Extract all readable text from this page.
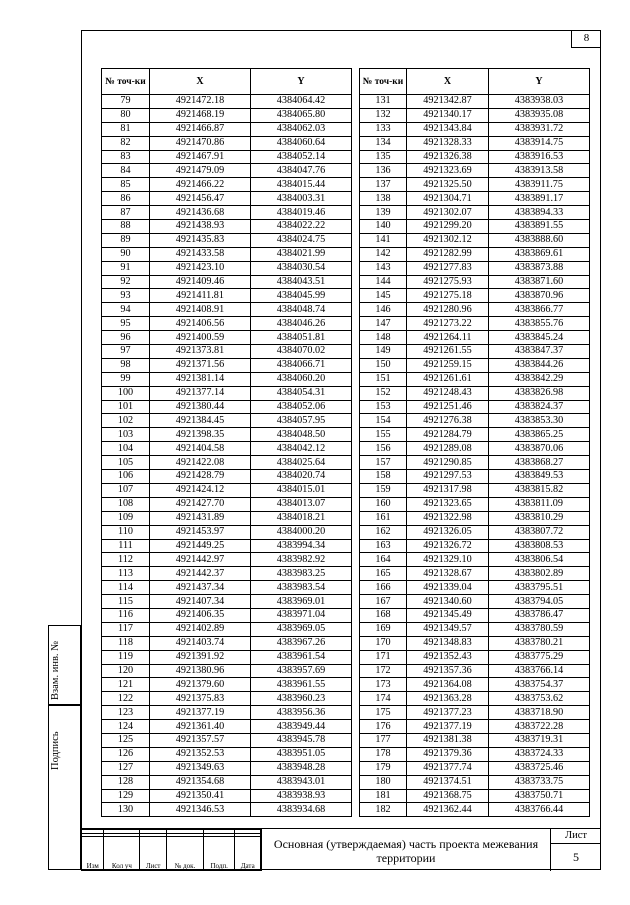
8
№ точ-ки	X	Y
79	4921472.18	4384064.42
80	4921468.19	4384065.80
81	4921466.87	4384062.03
82	4921470.86	4384060.64
83	4921467.91	4384052.14
84	4921479.09	4384047.76
85	4921466.22	4384015.44
86	4921456.47	4384003.31
87	4921436.68	4384019.46
88	4921438.93	4384022.22
89	4921435.83	4384024.75
90	4921433.58	4384021.99
91	4921423.10	4384030.54
92	4921409.46	4384043.51
93	4921411.81	4384045.99
94	4921408.91	4384048.74
95	4921406.56	4384046.26
96	4921400.59	4384051.81
97	4921373.81	4384070.02
98	4921371.56	4384066.71
99	4921381.14	4384060.20
100	4921377.14	4384054.31
101	4921380.44	4384052.06
102	4921384.45	4384057.95
103	4921398.35	4384048.50
104	4921404.58	4384042.12
105	4921422.08	4384025.64
106	4921428.79	4384020.74
107	4921424.12	4384015.01
108	4921427.70	4384013.07
109	4921431.89	4384018.21
110	4921453.97	4384000.20
111	4921449.25	4383994.34
112	4921442.97	4383982.92
113	4921442.37	4383983.25
114	4921437.34	4383983.54
115	4921407.34	4383969.01
116	4921406.35	4383971.04
117	4921402.89	4383969.05
118	4921403.74	4383967.26
119	4921391.92	4383961.54
120	4921380.96	4383957.69
121	4921379.60	4383961.55
122	4921375.83	4383960.23
123	4921377.19	4383956.36
124	4921361.40	4383949.44
125	4921357.57	4383945.78
126	4921352.53	4383951.05
127	4921349.63	4383948.28
128	4921354.68	4383943.01
129	4921350.41	4383938.93
130	4921346.53	4383934.68
№ точ-ки	X	Y
131	4921342.87	4383938.03
132	4921340.17	4383935.08
133	4921343.84	4383931.72
134	4921328.33	4383914.75
135	4921326.38	4383916.53
136	4921323.69	4383913.58
137	4921325.50	4383911.75
138	4921304.71	4383891.17
139	4921302.07	4383894.33
140	4921299.20	4383891.55
141	4921302.12	4383888.60
142	4921282.99	4383869.61
143	4921277.83	4383873.88
144	4921275.93	4383871.60
145	4921275.18	4383870.96
146	4921280.96	4383866.77
147	4921273.22	4383855.76
148	4921264.11	4383845.24
149	4921261.55	4383847.37
150	4921259.15	4383844.26
151	4921261.61	4383842.29
152	4921248.43	4383826.98
153	4921251.46	4383824.37
154	4921276.38	4383853.30
155	4921284.79	4383865.25
156	4921289.08	4383870.06
157	4921290.85	4383868.27
158	4921297.53	4383849.53
159	4921317.98	4383815.82
160	4921323.65	4383811.09
161	4921322.98	4383810.29
162	4921326.05	4383807.72
163	4921326.72	4383808.53
164	4921329.10	4383806.54
165	4921328.67	4383802.89
166	4921339.04	4383795.51
167	4921340.60	4383794.05
168	4921345.49	4383786.47
169	4921349.57	4383780.59
170	4921348.83	4383780.21
171	4921352.43	4383775.29
172	4921357.36	4383766.14
173	4921364.08	4383754.37
174	4921363.28	4383753.62
175	4921377.23	4383718.90
176	4921377.19	4383722.28
177	4921381.38	4383719.31
178	4921379.36	4383724.33
179	4921377.74	4383725.46
180	4921374.51	4383733.75
181	4921368.75	4383750.71
182	4921362.44	4383766.44
Взам. инв. №
Подпись

Изм	Кол уч	Лист	№ док.	Подп.	Дата
Основная (утверждаемая) часть проекта межевания территории
Лист
5
